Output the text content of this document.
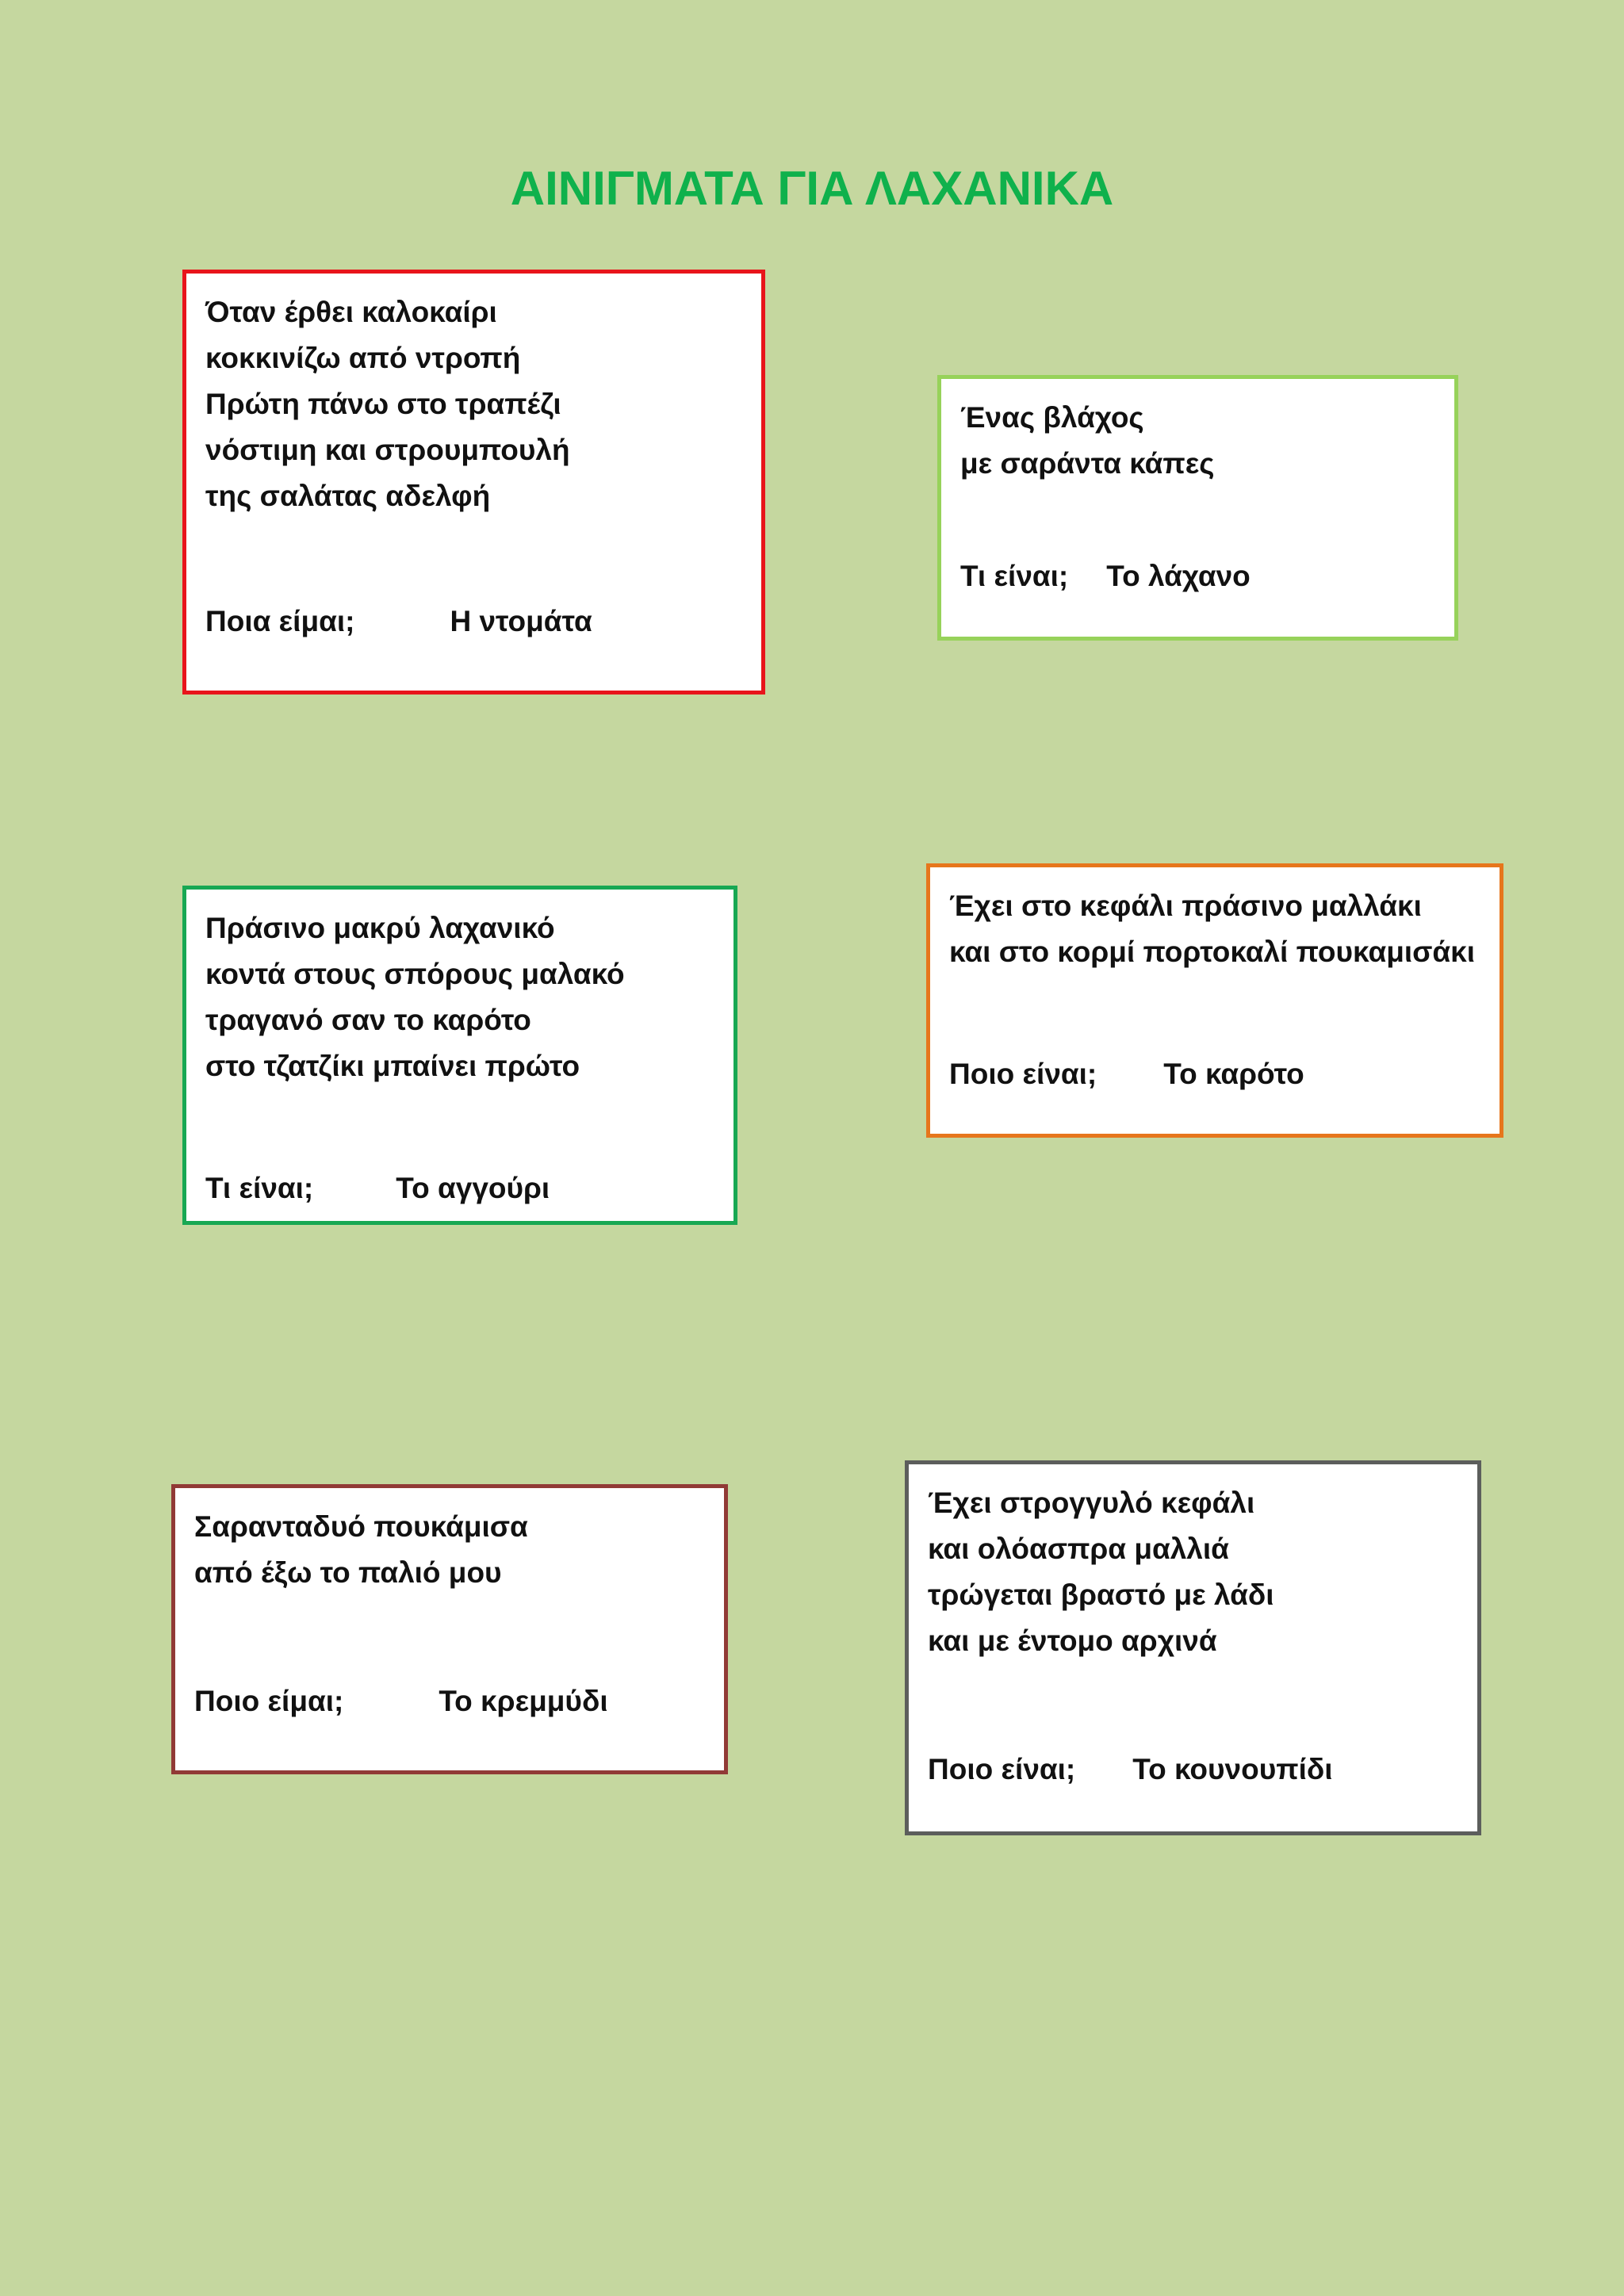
ΑΙΝΙΓΜΑΤΑ ΓΙΑ ΛΑΧΑΝΙΚΑ
Όταν έρθει καλοκαίρι
κοκκινίζω από ντροπή
Πρώτη πάνω στο τραπέζι
νόστιμη και στρουμπουλή
της σαλάτας αδελφή
Ποια είμαι;	Η ντομάτα
Ένας βλάχος
με σαράντα κάπες
Τι είναι; Το λάχανο
Πράσινο μακρύ λαχανικό
κοντά στους σπόρους μαλακό
τραγανό σαν το καρότο
στο τζατζίκι μπαίνει πρώτο
Τι είναι;	Το αγγούρι
Έχει στο κεφάλι πράσινο μαλλάκι
και στο κορμί πορτοκαλί πουκαμισάκι
Ποιο είναι; Το καρότο
Σαρανταδυό πουκάμισα
από έξω το παλιό μου
Ποιο είμαι;	Το κρεμμύδι
Έχει στρογγυλό κεφάλι
και ολόασπρα μαλλιά
τρώγεται βραστό με λάδι
και με έντομο αρχινά
Ποιο είναι; Το κουνουπίδι
